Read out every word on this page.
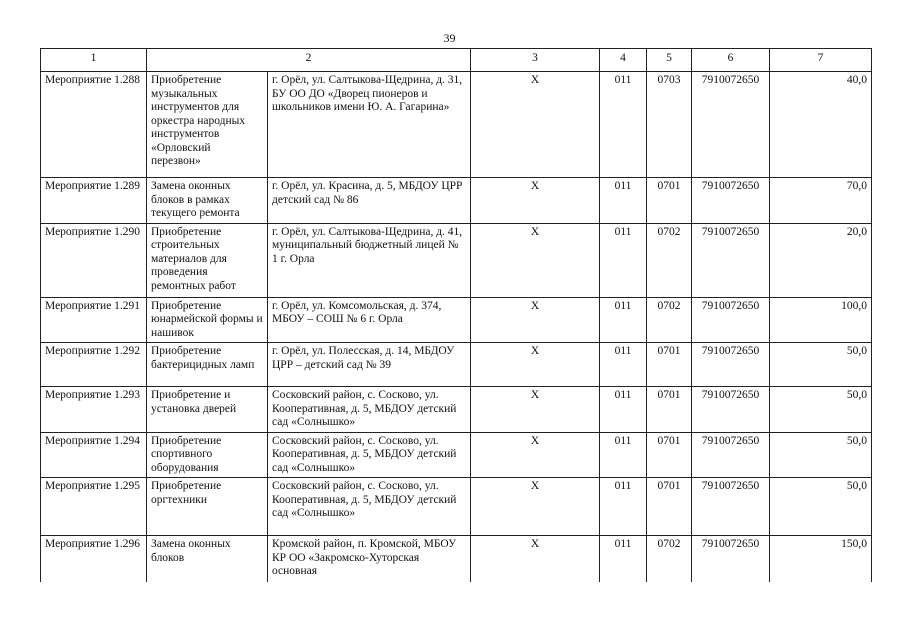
39
1	2		3	4	5	6	7
Мероприятие 1.288	Приобретение музыкальных инструментов для оркестра народных инструментов «Орловский перезвон»	г. Орёл, ул. Салтыкова-Щедрина, д. 31, БУ ОО ДО «Дворец пионеров и школьников имени Ю. А. Гагарина»	Х	011	0703	7910072650	40,0
Мероприятие 1.289	Замена оконных блоков в рамках текущего ремонта	г. Орёл, ул. Красина, д. 5, МБДОУ ЦРР детский сад № 86	Х	011	0701	7910072650	70,0
Мероприятие 1.290	Приобретение строительных материалов для проведения ремонтных работ	г. Орёл, ул. Салтыкова-Щедрина, д. 41, муниципальный бюджетный лицей № 1 г. Орла	Х	011	0702	7910072650	20,0
Мероприятие 1.291	Приобретение юнармейской формы и нашивок	г. Орёл, ул. Комсомольская, д. 374, МБОУ – СОШ № 6 г. Орла	Х	011	0702	7910072650	100,0
Мероприятие 1.292	Приобретение бактерицидных ламп	г. Орёл, ул. Полесская, д. 14, МБДОУ ЦРР – детский сад № 39	Х	011	0701	7910072650	50,0
Мероприятие 1.293	Приобретение и установка дверей	Сосковский район, с. Сосково, ул. Кооперативная, д. 5, МБДОУ детский сад «Солнышко»	Х	011	0701	7910072650	50,0
Мероприятие 1.294	Приобретение спортивного оборудования	Сосковский район, с. Сосково, ул. Кооперативная, д. 5, МБДОУ детский сад «Солнышко»	Х	011	0701	7910072650	50,0
Мероприятие 1.295	Приобретение оргтехники	Сосковский район, с. Сосково, ул. Кооперативная, д. 5, МБДОУ детский сад «Солнышко»	Х	011	0701	7910072650	50,0
Мероприятие 1.296	Замена оконных блоков	Кромской район, п. Кромской, МБОУ КР ОО «Закромско-Хуторская основная	Х	011	0702	7910072650	150,0
